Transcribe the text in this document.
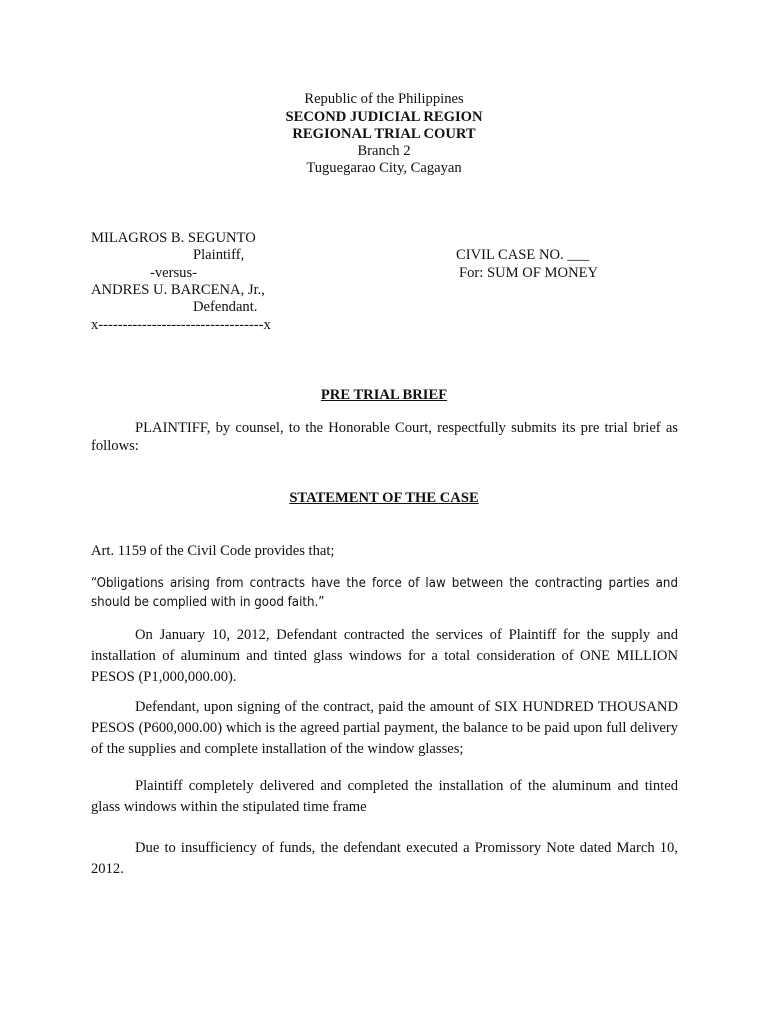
Republic of the Philippines
SECOND JUDICIAL REGION
REGIONAL TRIAL COURT
Branch 2
Tuguegarao City, Cagayan
MILAGROS B. SEGUNTO
Plaintiff,
-versus-
ANDRES U. BARCENA, Jr.,
Defendant.
x----------------------------------x
CIVIL CASE NO. ___
For: SUM OF MONEY
PRE TRIAL BRIEF

PLAINTIFF, by counsel, to the Honorable Court, respectfully submits its pre trial brief as follows:

STATEMENT OF THE CASE
Art. 1159 of the Civil Code provides that;

“Obligations arising from contracts have the force of law between the contracting parties and should be complied with in good faith.”

On January 10, 2012, Defendant contracted the services of Plaintiff for the supply and installation of aluminum and tinted glass windows for a total consideration of ONE MILLION PESOS (P1,000,000.00).

Defendant, upon signing of the contract, paid the amount of SIX HUNDRED THOUSAND PESOS (P600,000.00) which is the agreed partial payment, the balance to be paid upon full delivery of the supplies and complete installation of the window glasses;

Plaintiff completely delivered and completed the installation of the aluminum and tinted glass windows within the stipulated time frame

Due to insufficiency of funds, the defendant executed a Promissory Note dated March 10, 2012.
